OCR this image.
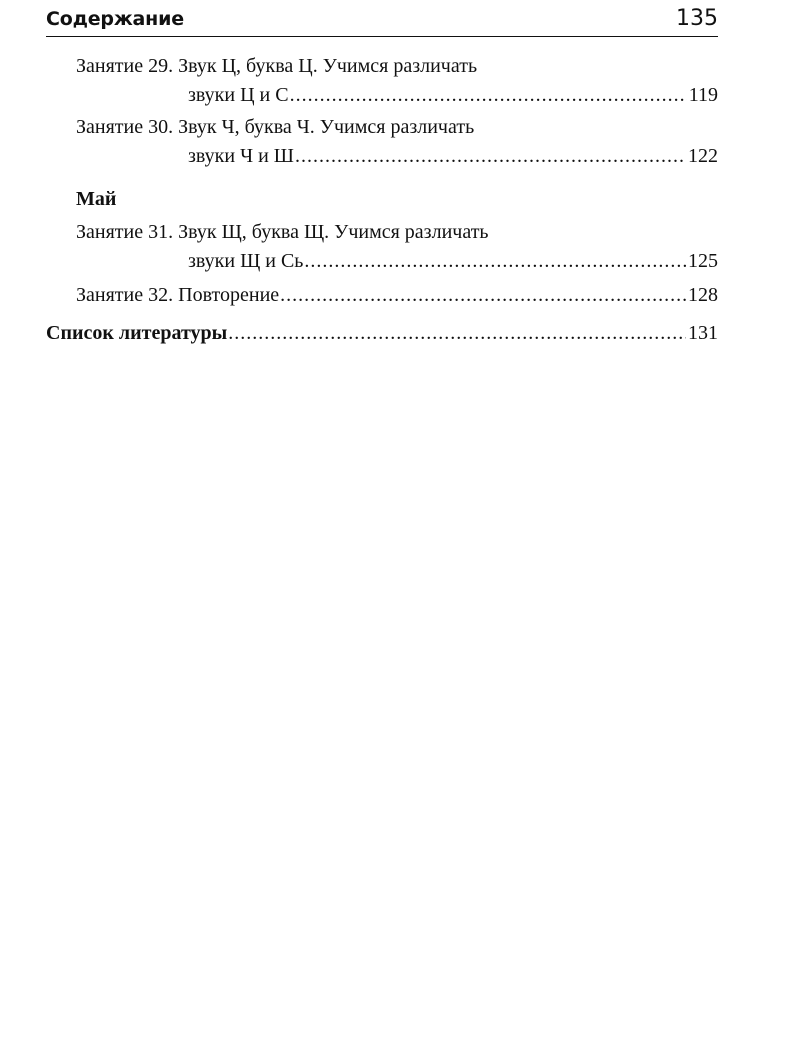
Содержание	135
Занятие 29. Звук Ц, буква Ц. Учимся различать
звуки Ц и С .....	119
Занятие 30. Звук Ч, буква Ч. Учимся различать
звуки Ч и Ш .....	122
Май
Занятие 31. Звук Щ, буква Щ. Учимся различать
звуки Щ и Сь .....	125
Занятие 32. Повторение .....	128
Список литературы .....	131
